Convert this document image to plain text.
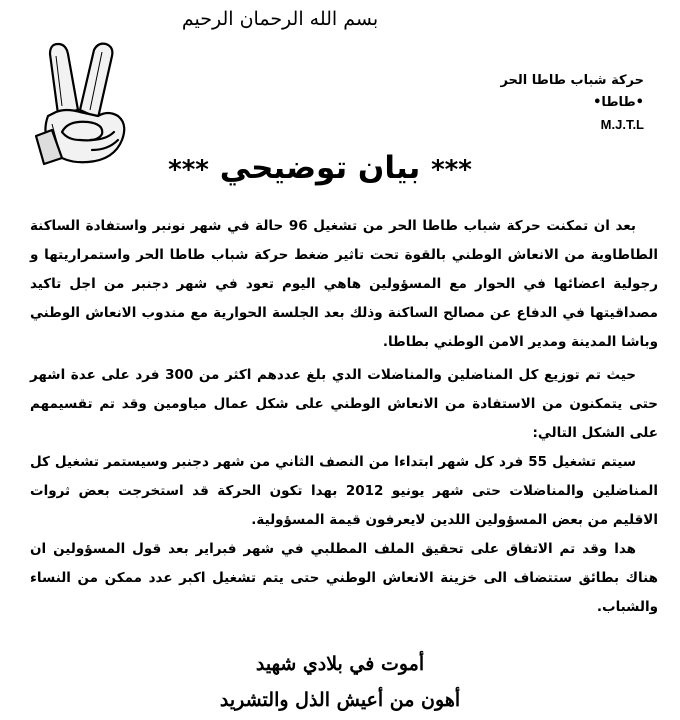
بسم الله الرحمان الرحيم
حركة شباب طاطا الحر
•طاطا•
M.J.T.L
*** بيان توضيحي ***

بعد ان تمكنت حركة شباب طاطا الحر من تشغيل 96 حالة في شهر نونبر واستفادة الساكنة الطاطاوية من الانعاش الوطني بالقوة تحت تاثير ضغط حركة شباب طاطا الحر واستمراريتها و رجولية اعضائها في الحوار مع المسؤولين هاهي اليوم تعود في شهر دجنبر من اجل تاكيد مصداقيتها في الدفاع عن مصالح الساكنة وذلك بعد الجلسة الحوارية مع مندوب الانعاش الوطني وباشا المدينة ومدير الامن الوطني بطاطا.

حيث تم توزيع كل المناضلين والمناضلات الدي بلغ عددهم اكثر من 300 فرد على عدة اشهر حتى يتمكنون من الاستفادة من الانعاش الوطني على شكل عمال مياومين وقد تم تقسيمهم على الشكل التالي:

سيتم تشغيل 55 فرد كل شهر ابتداءا من النصف الثاني من شهر دجنبر وسيستمر تشغيل كل المناضلين والمناضلات حتى شهر يونيو 2012 بهدا تكون الحركة قد استخرجت بعض ثروات الاقليم من بعض المسؤولين اللدين لايعرفون قيمة المسؤولية.

هدا وقد تم الاتفاق على تحقيق الملف المطلبي في شهر فبراير بعد قول المسؤولين ان هناك بطائق ستتضاف الى خزينة الانعاش الوطني حتى يتم تشغيل اكبر عدد ممكن من النساء والشباب.

أموت في بلادي شهيد
أهون من أعيش الذل والتشريد
